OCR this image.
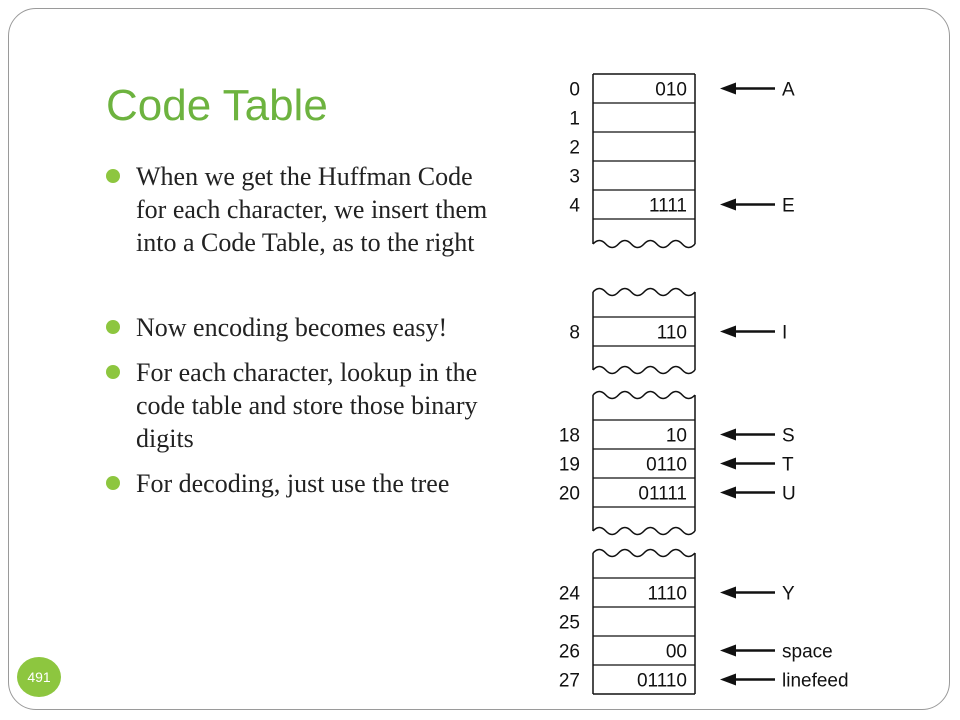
Code Table
When we get the Huffman Code for each character, we insert them into a Code Table, as to the right
Now encoding becomes easy!
For each character, lookup in the code table and store those binary digits
For decoding, just use the tree
0	010	A
1
2
3
4	1111	E
8	110	I
18	10	S
19	0110	T
20	01111	U
24	1110	Y
25
26	00	space
27	01110	linefeed
491
